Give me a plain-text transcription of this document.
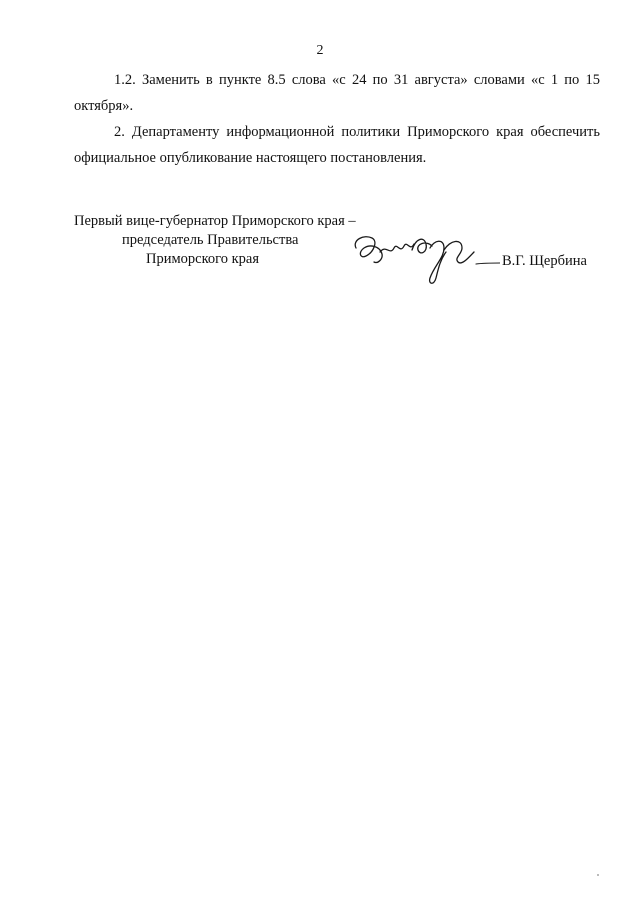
2

1.2. Заменить в пункте 8.5 слова «с 24 по 31 августа» словами «с 1 по 15 октября».

2. Департаменту информационной политики Приморского края обеспечить официальное опубликование настоящего постановления.

Первый вице-губернатор Приморского края –
председатель Правительства
Приморского края	В.Г. Щербина
